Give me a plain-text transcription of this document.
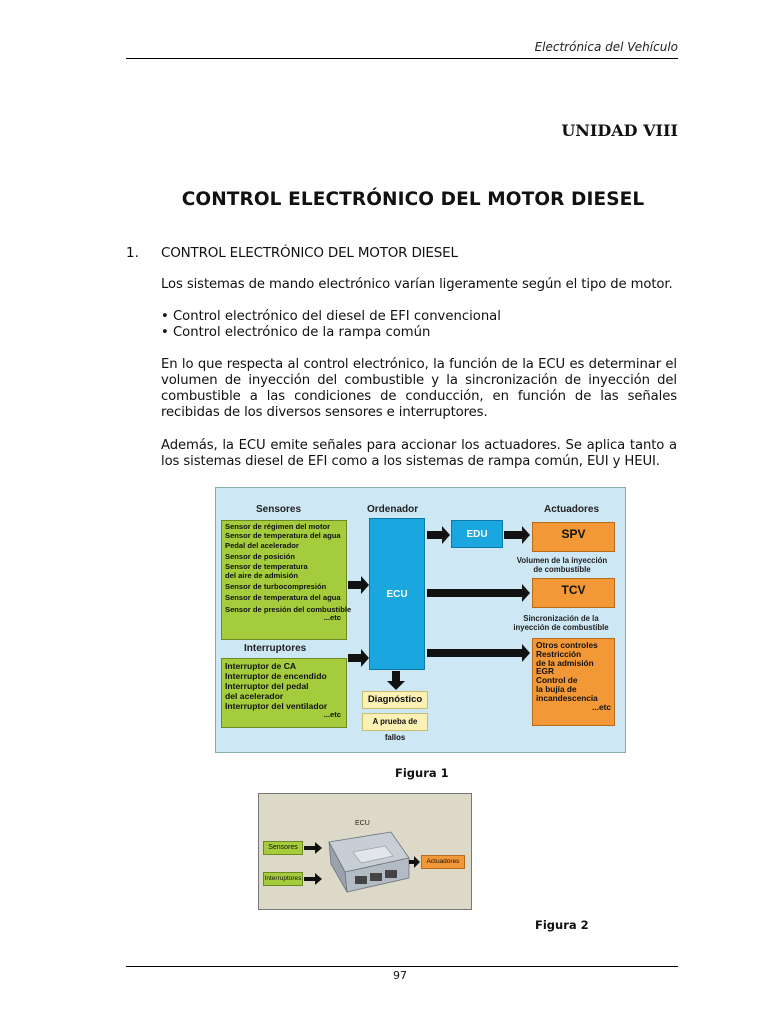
Electrónica del Vehículo
UNIDAD VIII
CONTROL ELECTRÓNICO DEL MOTOR DIESEL
1. CONTROL ELECTRÓNICO DEL MOTOR DIESEL
Los sistemas de mando electrónico varían ligeramente según el tipo de motor.
• Control electrónico del diesel de EFI convencional
• Control electrónico de la rampa común
En lo que respecta al control electrónico, la función de la ECU es determinar el volumen de inyección del combustible y la sincronización de inyección del combustible a las condiciones de conducción, en función de las señales recibidas de los diversos sensores e interruptores.
Además, la ECU emite señales para accionar los actuadores. Se aplica tanto a los sistemas diesel de EFI como a los sistemas de rampa común, EUI y HEUI.
Sensores	Ordenador	Actuadores
Sensor de régimen del motor
Sensor de temperatura del agua
Pedal del acelerador
Sensor de posición
Sensor de temperatura
del aire de admisión
Sensor de turbocompresión
Sensor de temperatura del agua
Sensor de presión del combustible
...etc
Interruptores
Interruptor de CA
Interruptor de encendido
Interruptor del pedal
del acelerador
Interruptor del ventilador
...etc
ECU
EDU	SPV
Volumen de la inyección
de combustible
TCV
Sincronización de la
inyección de combustible
Otros controles
Restricción
de la admisión
EGR
Control de
la bujía de
incandescencia
...etc
Diagnóstico
A prueba de fallos
Figura 1
ECU
Sensores
Interruptores
Actuadores
Figura 2
97
